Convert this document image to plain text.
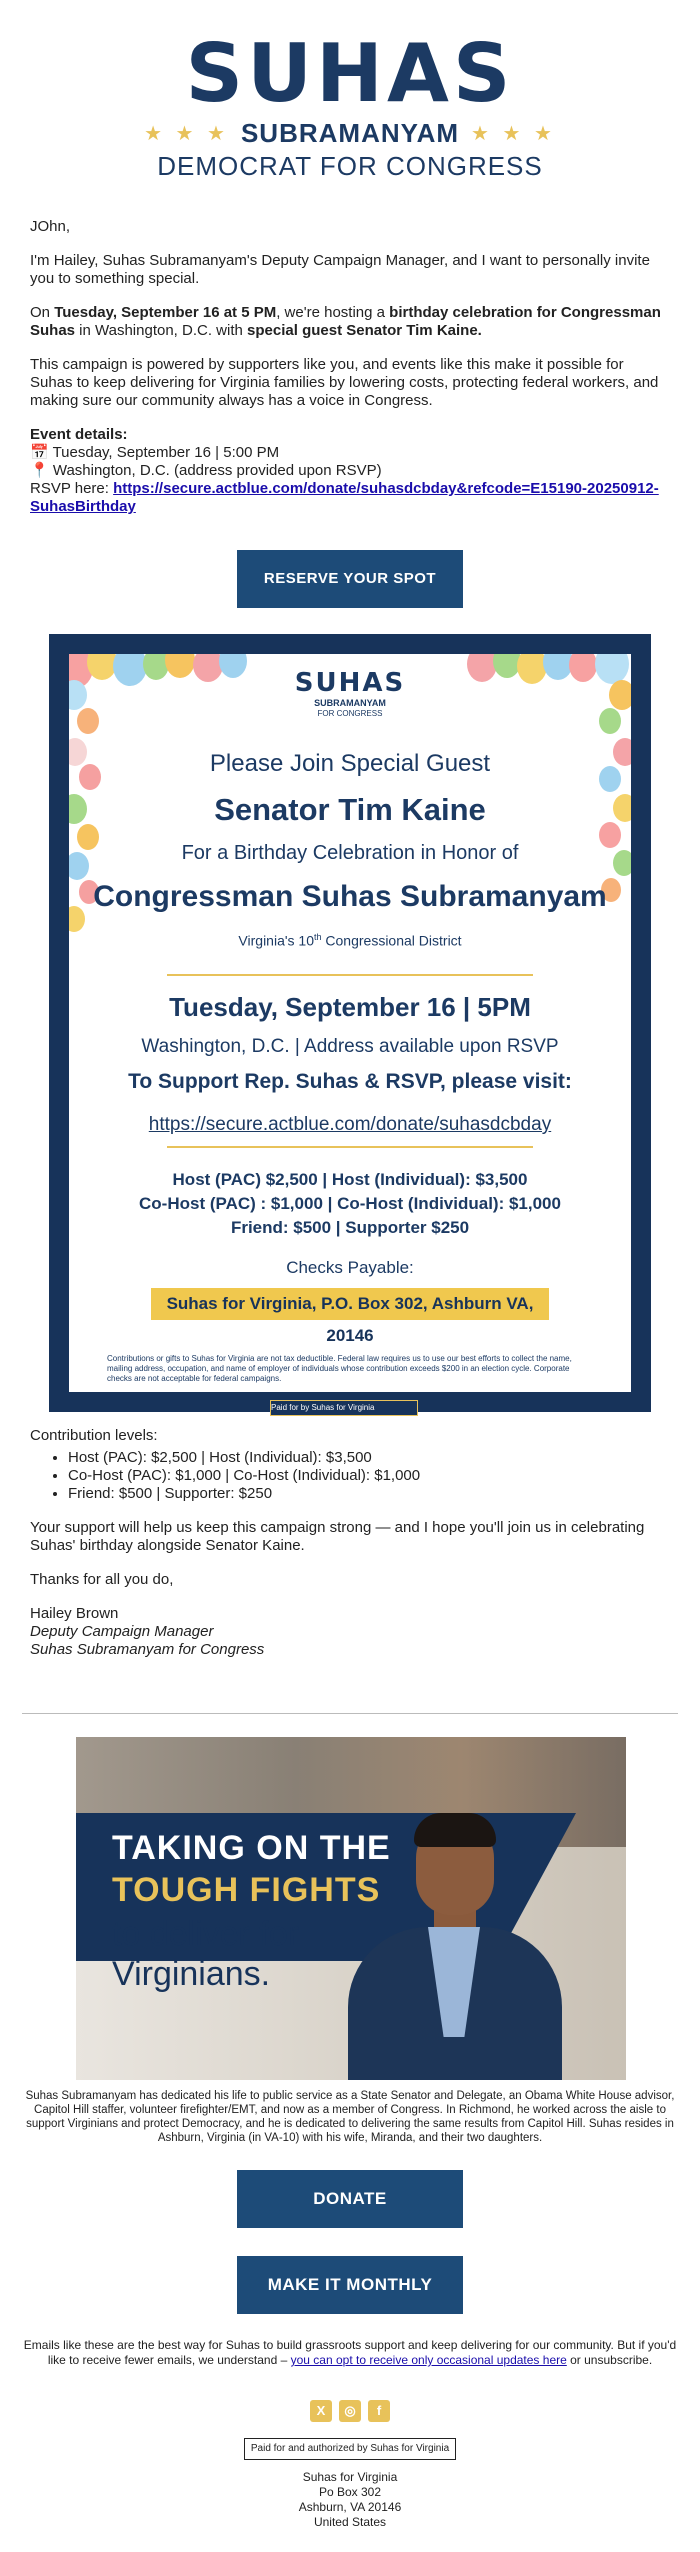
SUHAS
★ ★ ★ SUBRAMANYAM ★ ★ ★
DEMOCRAT FOR CONGRESS

JOhn,

I'm Hailey, Suhas Subramanyam's Deputy Campaign Manager, and I want to personally invite you to something special.

On Tuesday, September 16 at 5 PM, we're hosting a birthday celebration for Congressman Suhas in Washington, D.C. with special guest Senator Tim Kaine.

This campaign is powered by supporters like you, and events like this make it possible for Suhas to keep delivering for Virginia families by lowering costs, protecting federal workers, and making sure our community always has a voice in Congress.

Event details:
📅 Tuesday, September 16 | 5:00 PM
📍 Washington, D.C. (address provided upon RSVP)
RSVP here: https://secure.actblue.com/donate/suhasdcbday&refcode=E15190-20250912-SuhasBirthday
RESERVE YOUR SPOT
SUHAS
SUBRAMANYAM
FOR CONGRESS
Please Join Special Guest
Senator Tim Kaine
For a Birthday Celebration in Honor of
Congressman Suhas Subramanyam
Virginia's 10th Congressional District
Tuesday, September 16 | 5PM
Washington, D.C. | Address available upon RSVP
To Support Rep. Suhas & RSVP, please visit:
https://secure.actblue.com/donate/suhasdcbday
Host (PAC) $2,500 | Host (Individual): $3,500
Co-Host (PAC) : $1,000 | Co-Host (Individual): $1,000
Friend: $500 | Supporter $250
Checks Payable:
Suhas for Virginia, P.O. Box 302, Ashburn VA, 20146
Contributions or gifts to Suhas for Virginia are not tax deductible. Federal law requires us to use our best efforts to collect the name, mailing address, occupation, and name of employer of individuals whose contribution exceeds $200 in an election cycle. Corporate checks are not acceptable for federal campaigns.
Paid for by Suhas for Virginia
Contribution levels:
• Host (PAC): $2,500 | Host (Individual): $3,500
• Co-Host (PAC): $1,000 | Co-Host (Individual): $1,000
• Friend: $500 | Supporter: $250

Your support will help us keep this campaign strong — and I hope you'll join us in celebrating Suhas' birthday alongside Senator Kaine.

Thanks for all you do,

Hailey Brown
Deputy Campaign Manager
Suhas Subramanyam for Congress
TAKING ON THE
TOUGH FIGHTS
to deliver for
Virginians.
Suhas Subramanyam has dedicated his life to public service as a State Senator and Delegate, an Obama White House advisor, Capitol Hill staffer, volunteer firefighter/EMT, and now as a member of Congress. In Richmond, he worked across the aisle to support Virginians and protect Democracy, and he is dedicated to delivering the same results from Capitol Hill. Suhas resides in Ashburn, Virginia (in VA-10) with his wife, Miranda, and their two daughters.
DONATE
MAKE IT MONTHLY
Emails like these are the best way for Suhas to build grassroots support and keep delivering for our community. But if you'd like to receive fewer emails, we understand – you can opt to receive only occasional updates here or unsubscribe.
X	◎	f
Paid for and authorized by Suhas for Virginia
Suhas for Virginia
Po Box 302
Ashburn, VA 20146
United States
